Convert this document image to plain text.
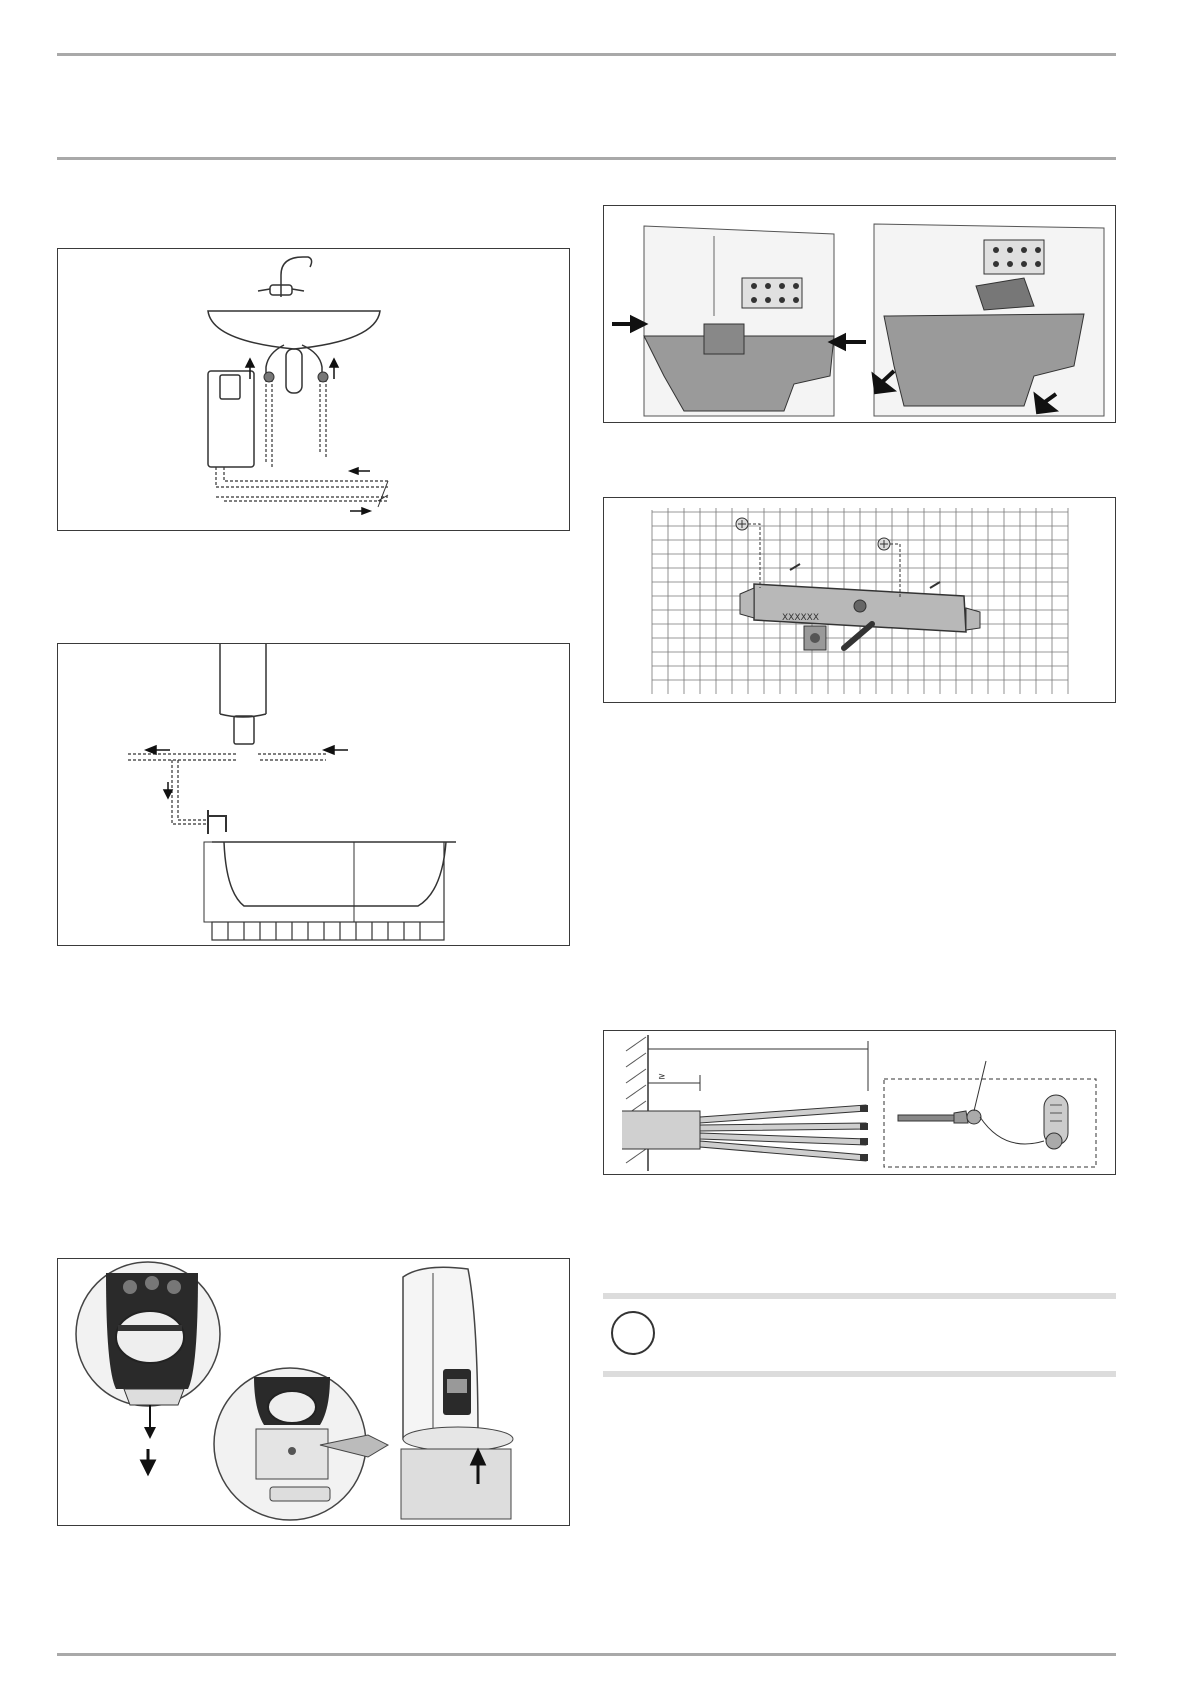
XXXXXX
≥
